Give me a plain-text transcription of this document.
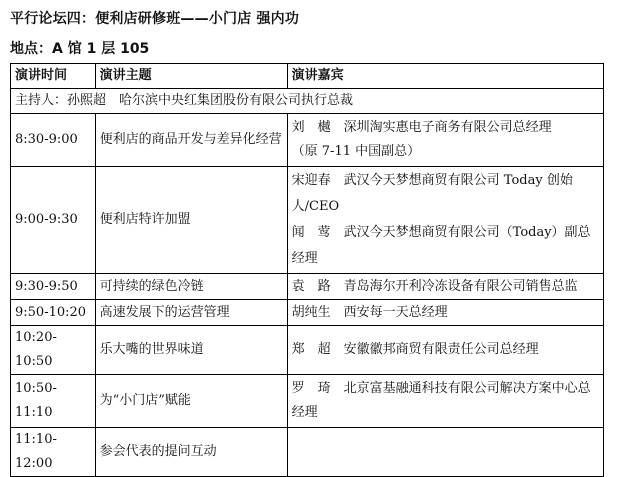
平行论坛四：便利店研修班——小门店 强内功
地点：A 馆 1 层 105
演讲时间	演讲主题	演讲嘉宾
主持人：孙熙超　哈尔滨中央红集团股份有限公司执行总裁		
8:30-9:00	便利店的商品开发与差异化经营	刘　樾　深圳淘实惠电子商务有限公司总经理
（原 7-11 中国副总）

9:00-9:30	便利店特许加盟	宋迎春　武汉今天梦想商贸有限公司 Today 创始人/CEO
闻　莺　武汉今天梦想商贸有限公司（Today）副总经理

9:30-9:50	可持续的绿色冷链	袁　路　青岛海尔开利冷冻设备有限公司销售总监
9:50-10:20	高速发展下的运营管理	胡纯生　西安每一天总经理
10:20-10:50	乐大嘴的世界味道	郑　超　安徽徽邦商贸有限责任公司总经理
10:50-11:10	为“小门店”赋能	罗　琦　北京富基融通科技有限公司解决方案中心总经理
11:10-12:00	参会代表的提问互动	
